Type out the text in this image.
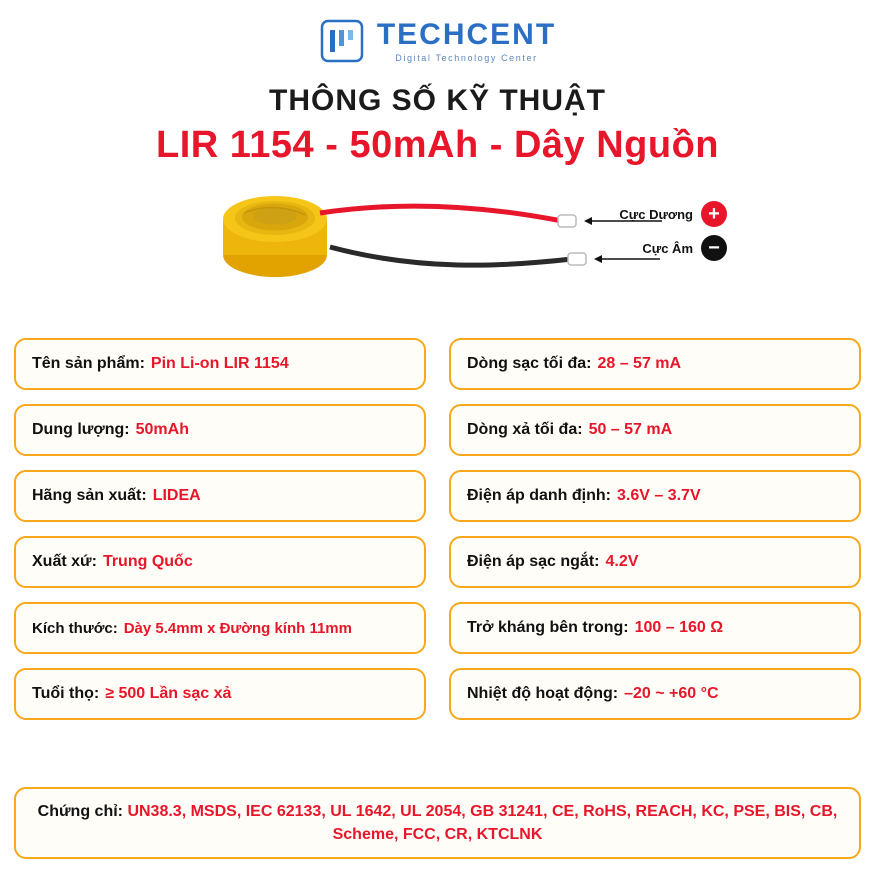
TECHCENT
Digital Technology Center
THÔNG SỐ KỸ THUẬT
LIR 1154 - 50mAh - Dây Nguồn
Cực Dương +
Cực Âm −
Tên sản phẩm: Pin Li-on LIR 1154	Dòng sạc tối đa: 28 – 57 mA
Dung lượng: 50mAh	Dòng xả tối đa: 50 – 57 mA
Hãng sản xuất: LIDEA	Điện áp danh định: 3.6V – 3.7V
Xuất xứ: Trung Quốc	Điện áp sạc ngắt: 4.2V
Kích thước: Dày 5.4mm x Đường kính 11mm	Trở kháng bên trong: 100 – 160 Ω
Tuổi thọ: ≥ 500 Lần sạc xả	Nhiệt độ hoạt động: –20 ~ +60 °C
Chứng chỉ: UN38.3, MSDS, IEC 62133, UL 1642, UL 2054, GB 31241, CE, RoHS, REACH, KC, PSE, BIS, CB, Scheme, FCC, CR, KTCLNK
